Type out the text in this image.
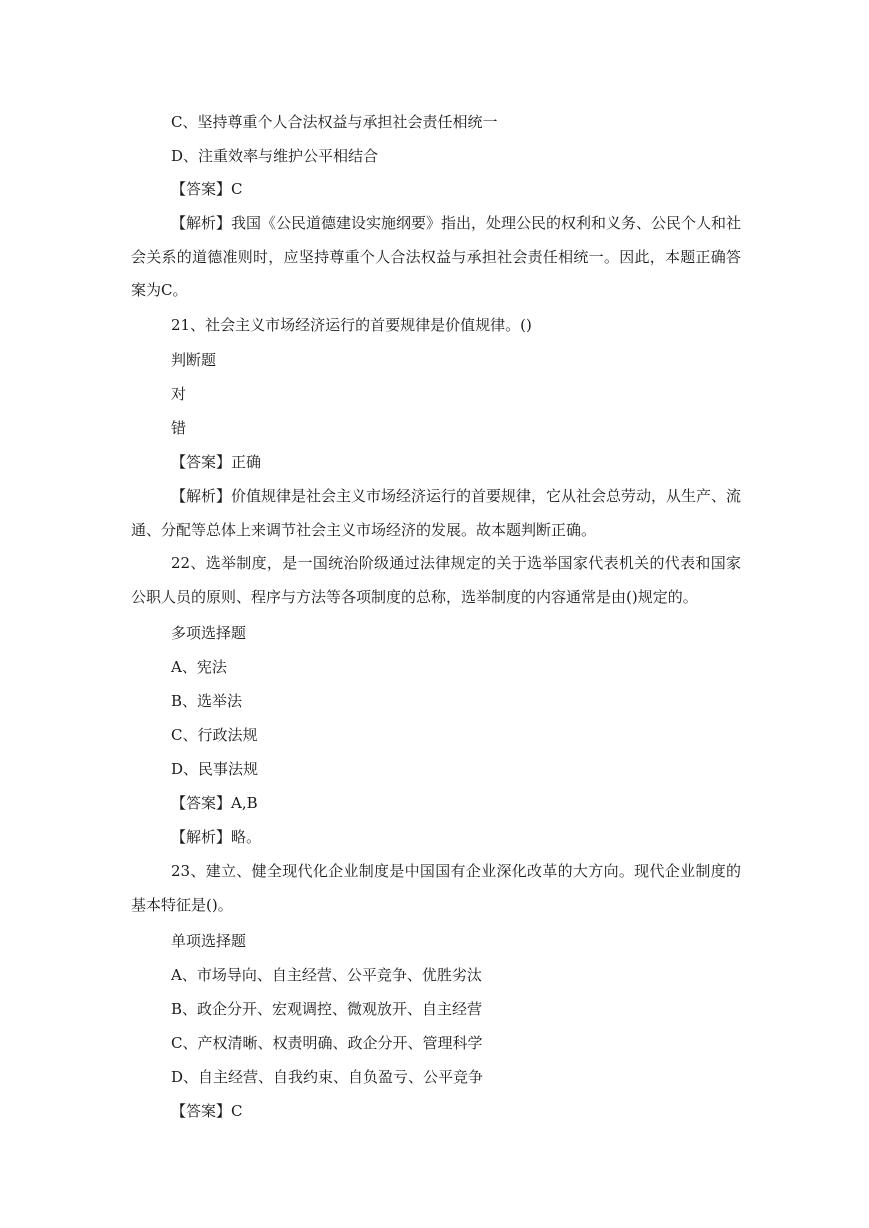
C、坚持尊重个人合法权益与承担社会责任相统一
D、注重效率与维护公平相结合
【答案】C
【解析】我国《公民道德建设实施纲要》指出，处理公民的权利和义务、公民个人和社会关系的道德准则时，应坚持尊重个人合法权益与承担社会责任相统一。因此，本题正确答案为C。
21、社会主义市场经济运行的首要规律是价值规律。()
判断题
对
错
【答案】正确
【解析】价值规律是社会主义市场经济运行的首要规律，它从社会总劳动，从生产、流通、分配等总体上来调节社会主义市场经济的发展。故本题判断正确。
22、选举制度，是一国统治阶级通过法律规定的关于选举国家代表机关的代表和国家公职人员的原则、程序与方法等各项制度的总称，选举制度的内容通常是由()规定的。
多项选择题
A、宪法
B、选举法
C、行政法规
D、民事法规
【答案】A,B
【解析】略。
23、建立、健全现代化企业制度是中国国有企业深化改革的大方向。现代企业制度的基本特征是()。
单项选择题
A、市场导向、自主经营、公平竞争、优胜劣汰
B、政企分开、宏观调控、微观放开、自主经营
C、产权清晰、权责明确、政企分开、管理科学
D、自主经营、自我约束、自负盈亏、公平竞争
【答案】C
